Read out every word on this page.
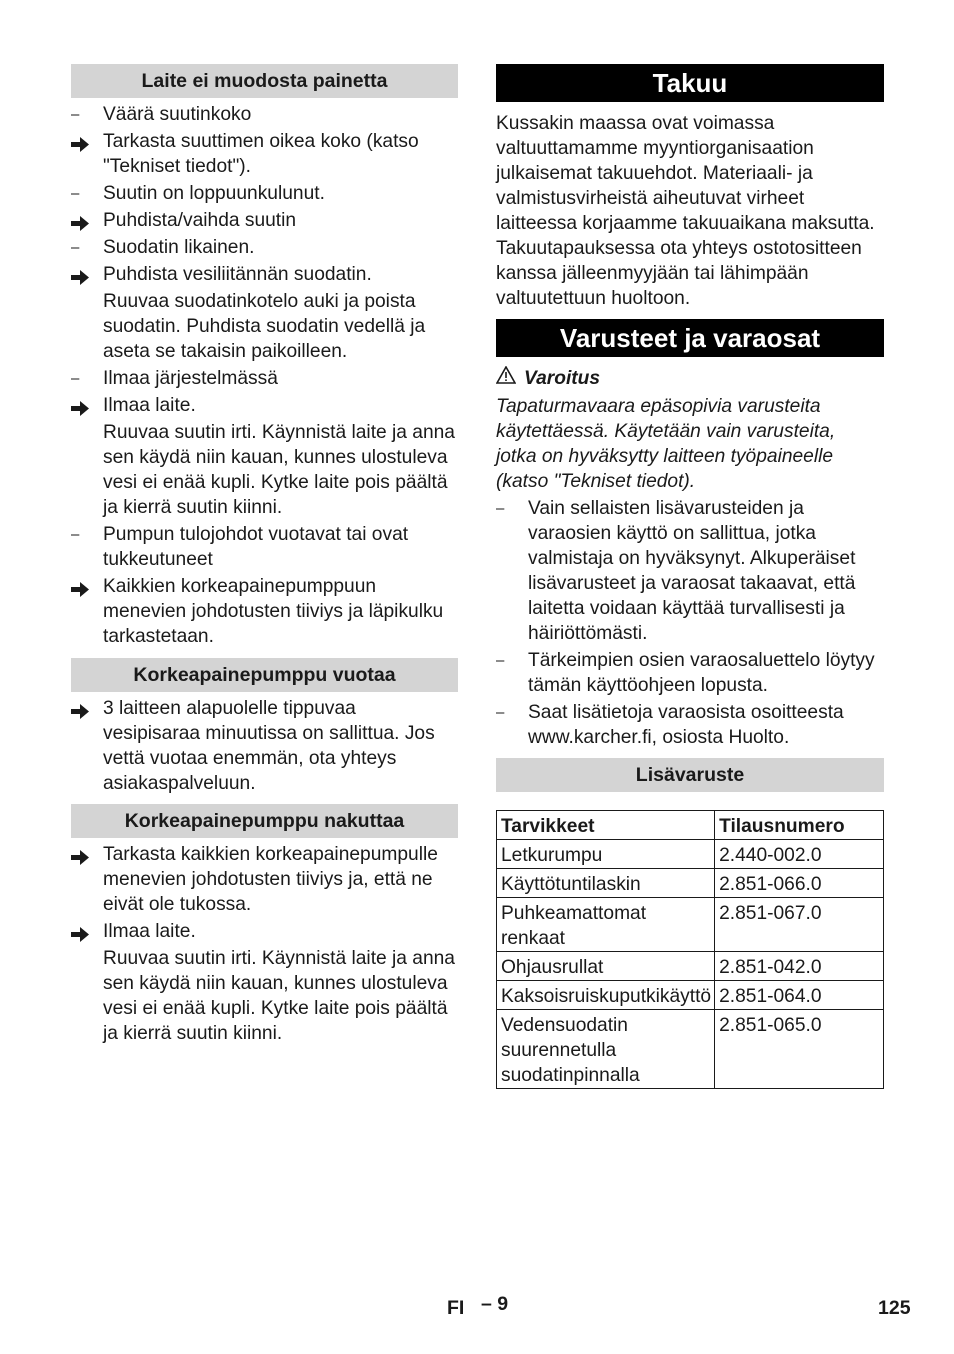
Laite ei muodosta painetta
–	Väärä suutinkoko
Tarkasta suuttimen oikea koko (katso "Tekniset tiedot").
–	Suutin on loppuunkulunut.
Puhdista/vaihda suutin
–	Suodatin likainen.
Puhdista vesiliitännän suodatin.
Ruuvaa suodatinkotelo auki ja poista suodatin. Puhdista suodatin vedellä ja aseta se takaisin paikoilleen.
–	Ilmaa järjestelmässä
Ilmaa laite.
Ruuvaa suutin irti. Käynnistä laite ja anna sen käydä niin kauan, kunnes ulostuleva vesi ei enää kupli. Kytke laite pois päältä ja kierrä suutin kiinni.
–	Pumpun tulojohdot vuotavat tai ovat tukkeutuneet
Kaikkien korkeapainepumppuun menevien johdotusten tiiviys ja läpikulku tarkastetaan.
Korkeapainepumppu vuotaa
3 laitteen alapuolelle tippuvaa vesipisaraa minuutissa on sallittua. Jos vettä vuotaa enemmän, ota yhteys asiakaspalveluun.
Korkeapainepumppu nakuttaa
Tarkasta kaikkien korkeapainepumpulle menevien johdotusten tiiviys ja, että ne eivät ole tukossa.
Ilmaa laite.
Ruuvaa suutin irti. Käynnistä laite ja anna sen käydä niin kauan, kunnes ulostuleva vesi ei enää kupli. Kytke laite pois päältä ja kierrä suutin kiinni.
Takuu

Kussakin maassa ovat voimassa valtuuttamamme myyntiorganisaation julkaisemat takuuehdot. Materiaali- ja valmistusvirheistä aiheutuvat virheet laitteessa korjaamme takuuaikana maksutta. Takuutapauksessa ota yhteys ostotositteen kanssa jälleenmyyjään tai lähimpään valtuutettuun huoltoon.

Varusteet ja varaosat
Varoitus

Tapaturmavaara epäsopivia varusteita käytettäessä. Käytetään vain varusteita, jotka on hyväksytty laitteen työpaineelle (katso "Tekniset tiedot).

–	Vain sellaisten lisävarusteiden ja varaosien käyttö on sallittua, jotka valmistaja on hyväksynyt. Alkuperäiset lisävarusteet ja varaosat takaavat, että laitetta voidaan käyttää turvallisesti ja häiriöttömästi.
–	Tärkeimpien osien varaosaluettelo löytyy tämän käyttöohjeen lopusta.
–	Saat lisätietoja varaosista osoitteesta www.karcher.fi, osiosta Huolto.
Lisävaruste
Tarvikkeet	Tilausnumero
Letkurumpu	2.440-002.0
Käyttötuntilaskin	2.851-066.0
Puhkeamattomat renkaat	2.851-067.0
Ohjausrullat	2.851-042.0
Kaksoisruiskuputkikäyttö	2.851-064.0
Vedensuodatin suurennetulla suodatinpinnalla	2.851-065.0
FI – 9	125
